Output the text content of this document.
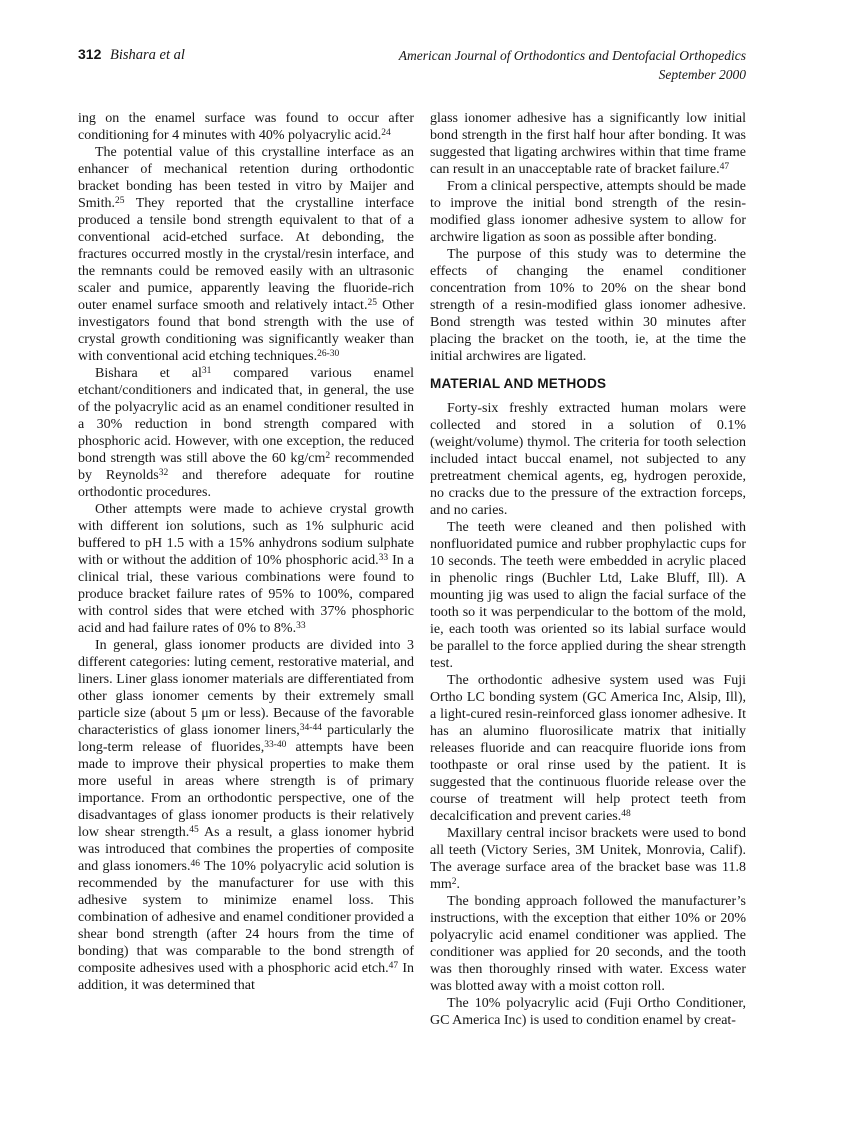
312 Bishara et al	American Journal of Orthodontics and Dentofacial Orthopedics
September 2000

ing on the enamel surface was found to occur after conditioning for 4 minutes with 40% polyacrylic acid.$^{24}$

The potential value of this crystalline interface as an enhancer of mechanical retention during orthodontic bracket bonding has been tested in vitro by Maijer and Smith.$^{25}$ They reported that the crystalline interface produced a tensile bond strength equivalent to that of a conventional acid-etched surface. At debonding, the fractures occurred mostly in the crystal/resin interface, and the remnants could be removed easily with an ultrasonic scaler and pumice, apparently leaving the fluoride-rich outer enamel surface smooth and relatively intact.$^{25}$ Other investigators found that bond strength with the use of crystal growth conditioning was significantly weaker than with conventional acid etching techniques.$^{26-30}$

Bishara et $al^{31}$ compared various enamel etchant/conditioners and indicated that, in general, the use of the polyacrylic acid as an enamel conditioner resulted in a 30% reduction in bond strength compared with phosphoric acid. However, with one exception, the reduced bond strength was still above the 60 $kg/cm^2$ recommended by Reynolds$^{32}$ and therefore adequate for routine orthodontic procedures.

Other attempts were made to achieve crystal growth with different ion solutions, such as 1% sulphuric acid buffered to pH 1.5 with a 15% anhydrons sodium sulphate with or without the addition of 10% phosphoric acid.$^{33}$ In a clinical trial, these various combinations were found to produce bracket failure rates of 95% to 100%, compared with control sides that were etched with 37% phosphoric acid and had failure rates of 0% to 8%.$^{33}$

In general, glass ionomer products are divided into 3 different categories: luting cement, restorative material, and liners. Liner glass ionomer materials are differentiated from other glass ionomer cements by their extremely small particle size (about 5 μm or less). Because of the favorable characteristics of glass ionomer liners,$^{34-44}$ particularly the long-term release of fluorides,$^{33-40}$ attempts have been made to improve their physical properties to make them more useful in areas where strength is of primary importance. From an orthodontic perspective, one of the disadvantages of glass ionomer products is their relatively low shear strength.$^{45}$ As a result, a glass ionomer hybrid was introduced that combines the properties of composite and glass ionomers.$^{46}$ The 10% polyacrylic acid solution is recommended by the manufacturer for use with this adhesive system to minimize enamel loss. This combination of adhesive and enamel conditioner provided a shear bond strength (after 24 hours from the time of bonding) that was comparable to the bond strength of composite adhesives used with a phosphoric acid etch.$^{47}$ In addition, it was determined that

glass ionomer adhesive has a significantly low initial bond strength in the first half hour after bonding. It was suggested that ligating archwires within that time frame can result in an unacceptable rate of bracket failure.$^{47}$

From a clinical perspective, attempts should be made to improve the initial bond strength of the resin-modified glass ionomer adhesive system to allow for archwire ligation as soon as possible after bonding.

The purpose of this study was to determine the effects of changing the enamel conditioner concentration from 10% to 20% on the shear bond strength of a resin-modified glass ionomer adhesive. Bond strength was tested within 30 minutes after placing the bracket on the tooth, ie, at the time the initial archwires are ligated.

MATERIAL AND METHODS

Forty-six freshly extracted human molars were collected and stored in a solution of 0.1% (weight/volume) thymol. The criteria for tooth selection included intact buccal enamel, not subjected to any pretreatment chemical agents, eg, hydrogen peroxide, no cracks due to the pressure of the extraction forceps, and no caries.

The teeth were cleaned and then polished with nonfluoridated pumice and rubber prophylactic cups for 10 seconds. The teeth were embedded in acrylic placed in phenolic rings (Buchler Ltd, Lake Bluff, Ill). A mounting jig was used to align the facial surface of the tooth so it was perpendicular to the bottom of the mold, ie, each tooth was oriented so its labial surface would be parallel to the force applied during the shear strength test.

The orthodontic adhesive system used was Fuji Ortho LC bonding system (GC America Inc, Alsip, Ill), a light-cured resin-reinforced glass ionomer adhesive. It has an alumino fluorosilicate matrix that initially releases fluoride and can reacquire fluoride ions from toothpaste or oral rinse used by the patient. It is suggested that the continuous fluoride release over the course of treatment will help protect teeth from decalcification and prevent caries.$^{48}$

Maxillary central incisor brackets were used to bond all teeth (Victory Series, 3M Unitek, Monrovia, Calif). The average surface area of the bracket base was 11.8 $mm^2$.

The bonding approach followed the manufacturer’s instructions, with the exception that either 10% or 20% polyacrylic acid enamel conditioner was applied. The conditioner was applied for 20 seconds, and the tooth was then thoroughly rinsed with water. Excess water was blotted away with a moist cotton roll.

The 10% polyacrylic acid (Fuji Ortho Conditioner, GC America Inc) is used to condition enamel by creat-
